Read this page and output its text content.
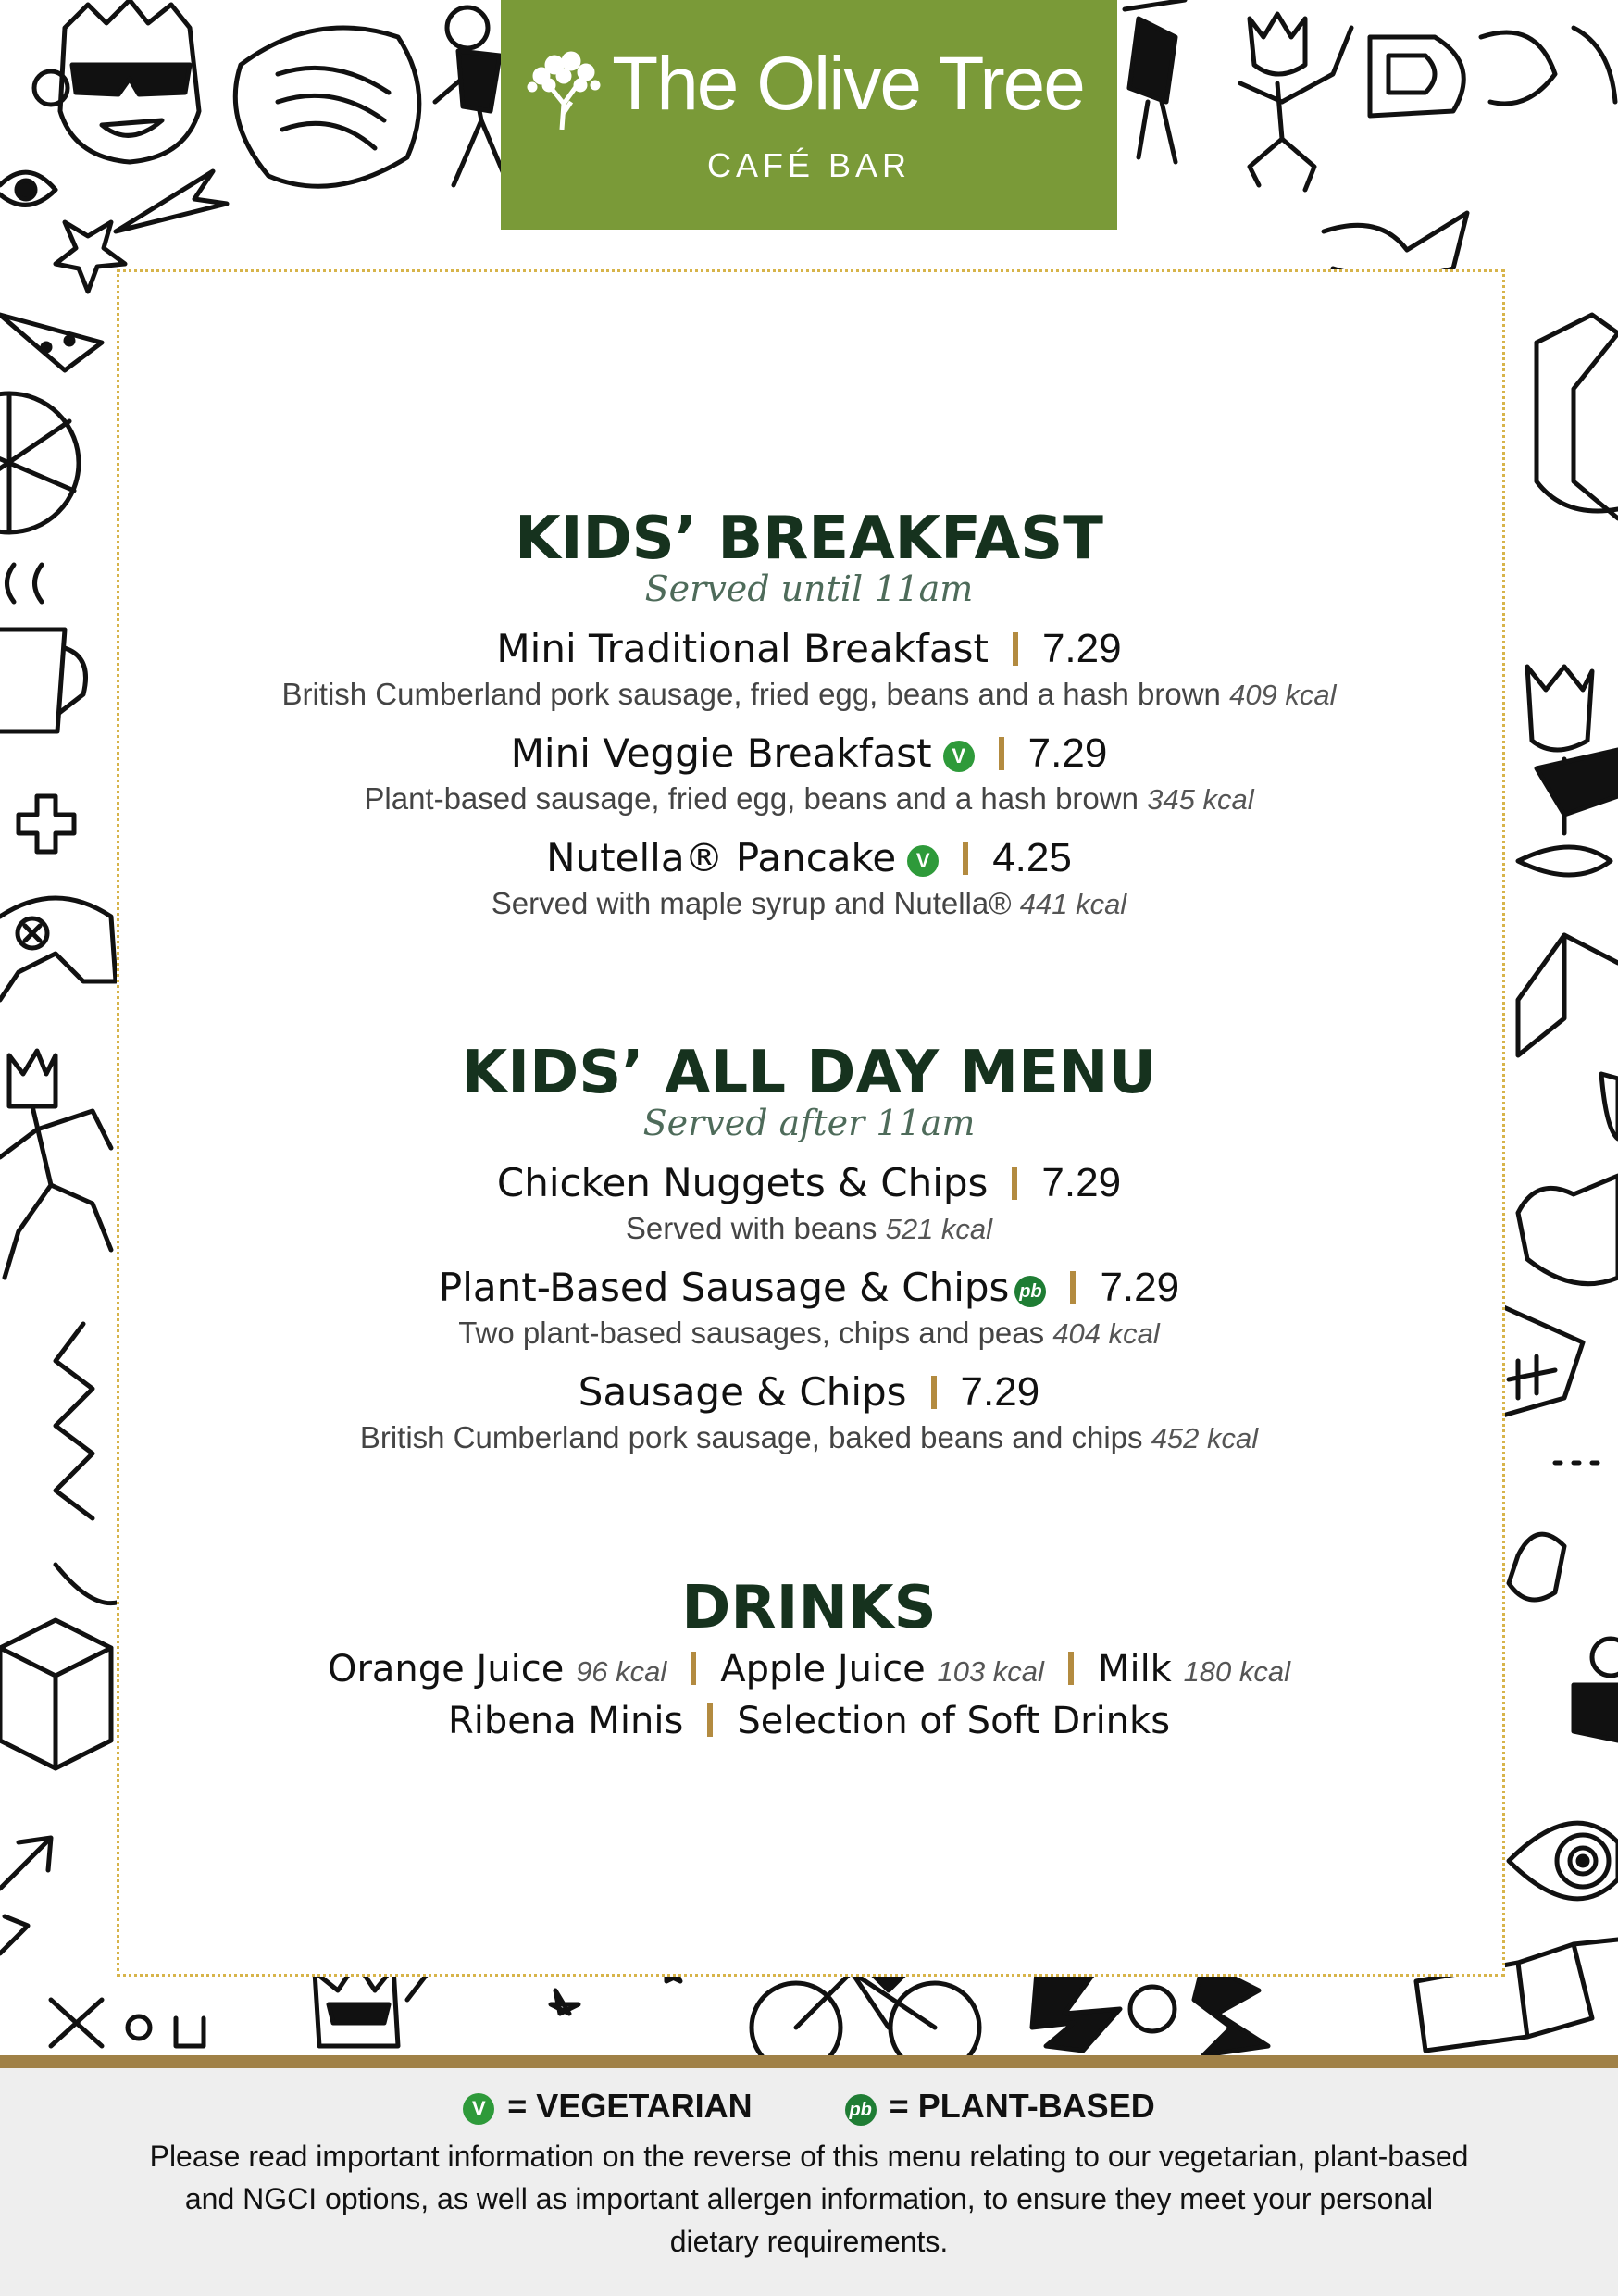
The Olive Tree
CAFÉ BAR
KIDS’ BREAKFAST
Served until 11am
Mini Traditional Breakfast 7.29
British Cumberland pork sausage, fried egg, beans and a hash brown 409 kcal
Mini Veggie Breakfast V 7.29
Plant-based sausage, fried egg, beans and a hash brown 345 kcal
Nutella® Pancake V 4.25
Served with maple syrup and Nutella® 441 kcal
KIDS’ ALL DAY MENU
Served after 11am
Chicken Nuggets & Chips 7.29
Served with beans 521 kcal
Plant-Based Sausage & Chips pb 7.29
Two plant-based sausages, chips and peas 404 kcal
Sausage & Chips 7.29
British Cumberland pork sausage, baked beans and chips 452 kcal
DRINKS
Orange Juice 96 kcal Apple Juice 103 kcal Milk 180 kcal
Ribena Minis Selection of Soft Drinks
V = VEGETARIAN	pb = PLANT-BASED
Please read important information on the reverse of this menu relating to our vegetarian, plant-based and NGCI options, as well as important allergen information, to ensure they meet your personal dietary requirements.
